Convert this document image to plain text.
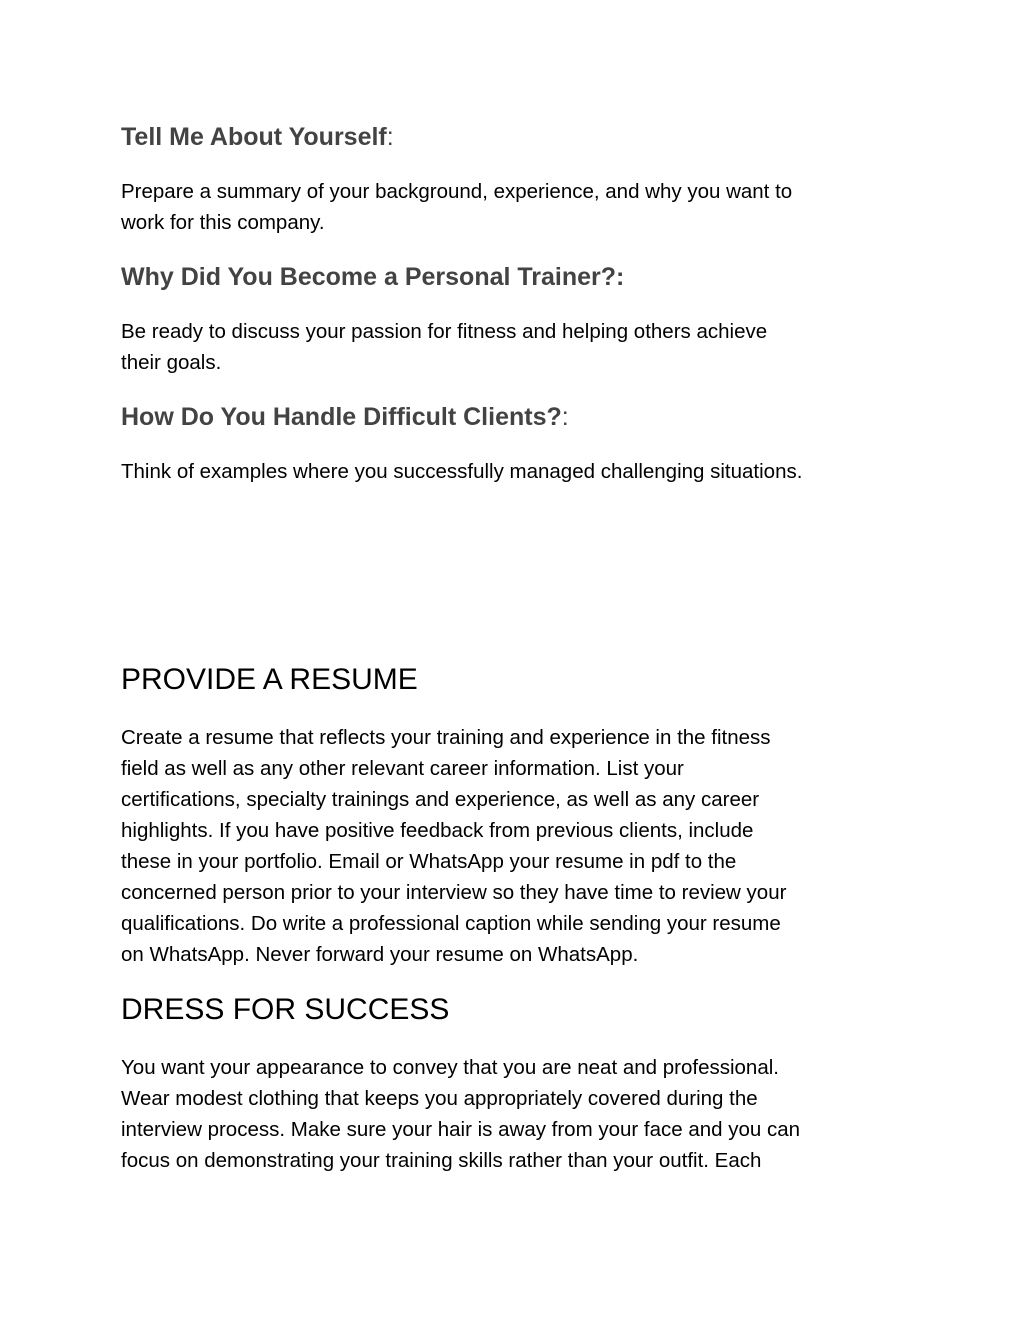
Tell Me About Yourself:

Prepare a summary of your background, experience, and why you want to
work for this company.

Why Did You Become a Personal Trainer?:

Be ready to discuss your passion for fitness and helping others achieve
their goals.

How Do You Handle Difficult Clients?:

Think of examples where you successfully managed challenging situations.

PROVIDE A RESUME

Create a resume that reflects your training and experience in the fitness
field as well as any other relevant career information. List your
certifications, specialty trainings and experience, as well as any career
highlights. If you have positive feedback from previous clients, include
these in your portfolio. Email or WhatsApp your resume in pdf to the
concerned person prior to your interview so they have time to review your
qualifications. Do write a professional caption while sending your resume
on WhatsApp. Never forward your resume on WhatsApp.

DRESS FOR SUCCESS

You want your appearance to convey that you are neat and professional.
Wear modest clothing that keeps you appropriately covered during the
interview process. Make sure your hair is away from your face and you can
focus on demonstrating your training skills rather than your outfit. Each
